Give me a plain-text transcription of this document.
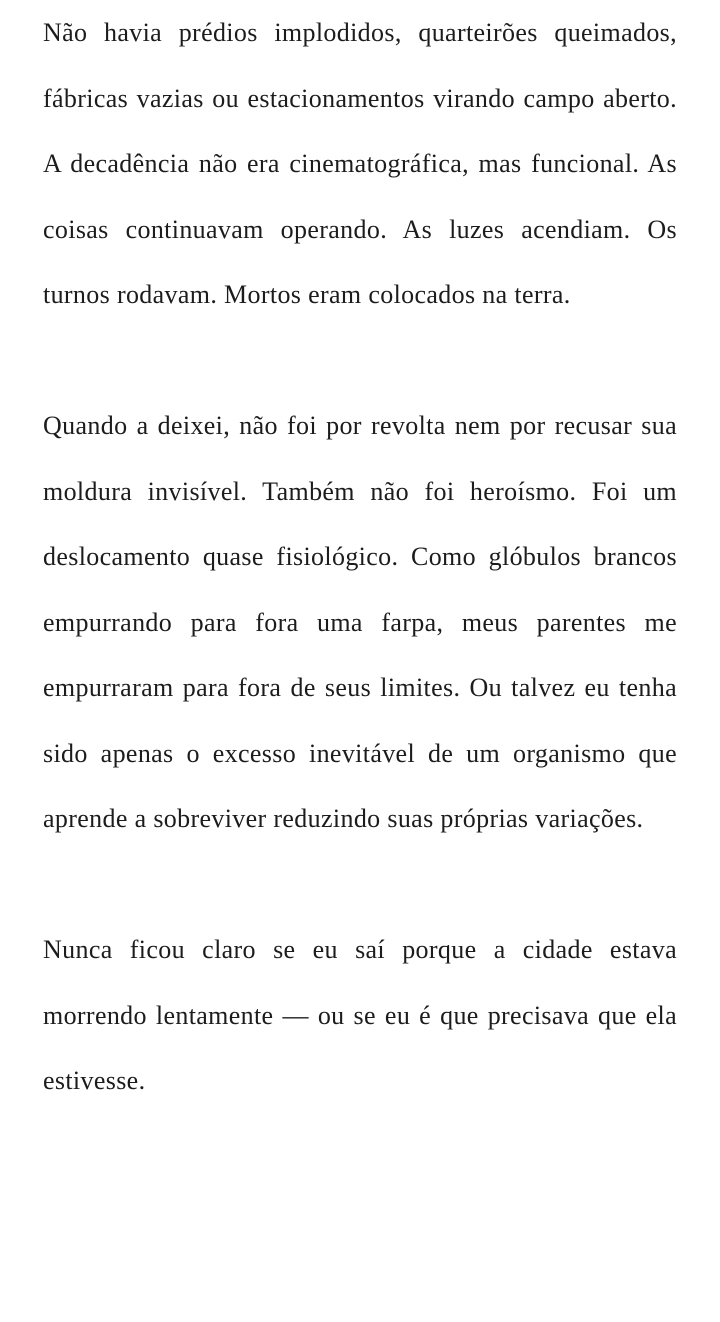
Não havia prédios implodidos, quarteirões queimados, fábricas vazias ou estacionamentos virando campo aberto. A decadência não era cinematográfica, mas funcional. As coisas continuavam operando. As luzes acendiam. Os turnos rodavam. Mortos eram colocados na terra.

Quando a deixei, não foi por revolta nem por recusar sua moldura invisível. Também não foi heroísmo. Foi um deslocamento quase fisiológico. Como glóbulos brancos empurrando para fora uma farpa, meus parentes me empurraram para fora de seus limites. Ou talvez eu tenha sido apenas o excesso inevitável de um organismo que aprende a sobreviver reduzindo suas próprias variações.

Nunca ficou claro se eu saí porque a cidade estava morrendo lentamente — ou se eu é que precisava que ela estivesse.
